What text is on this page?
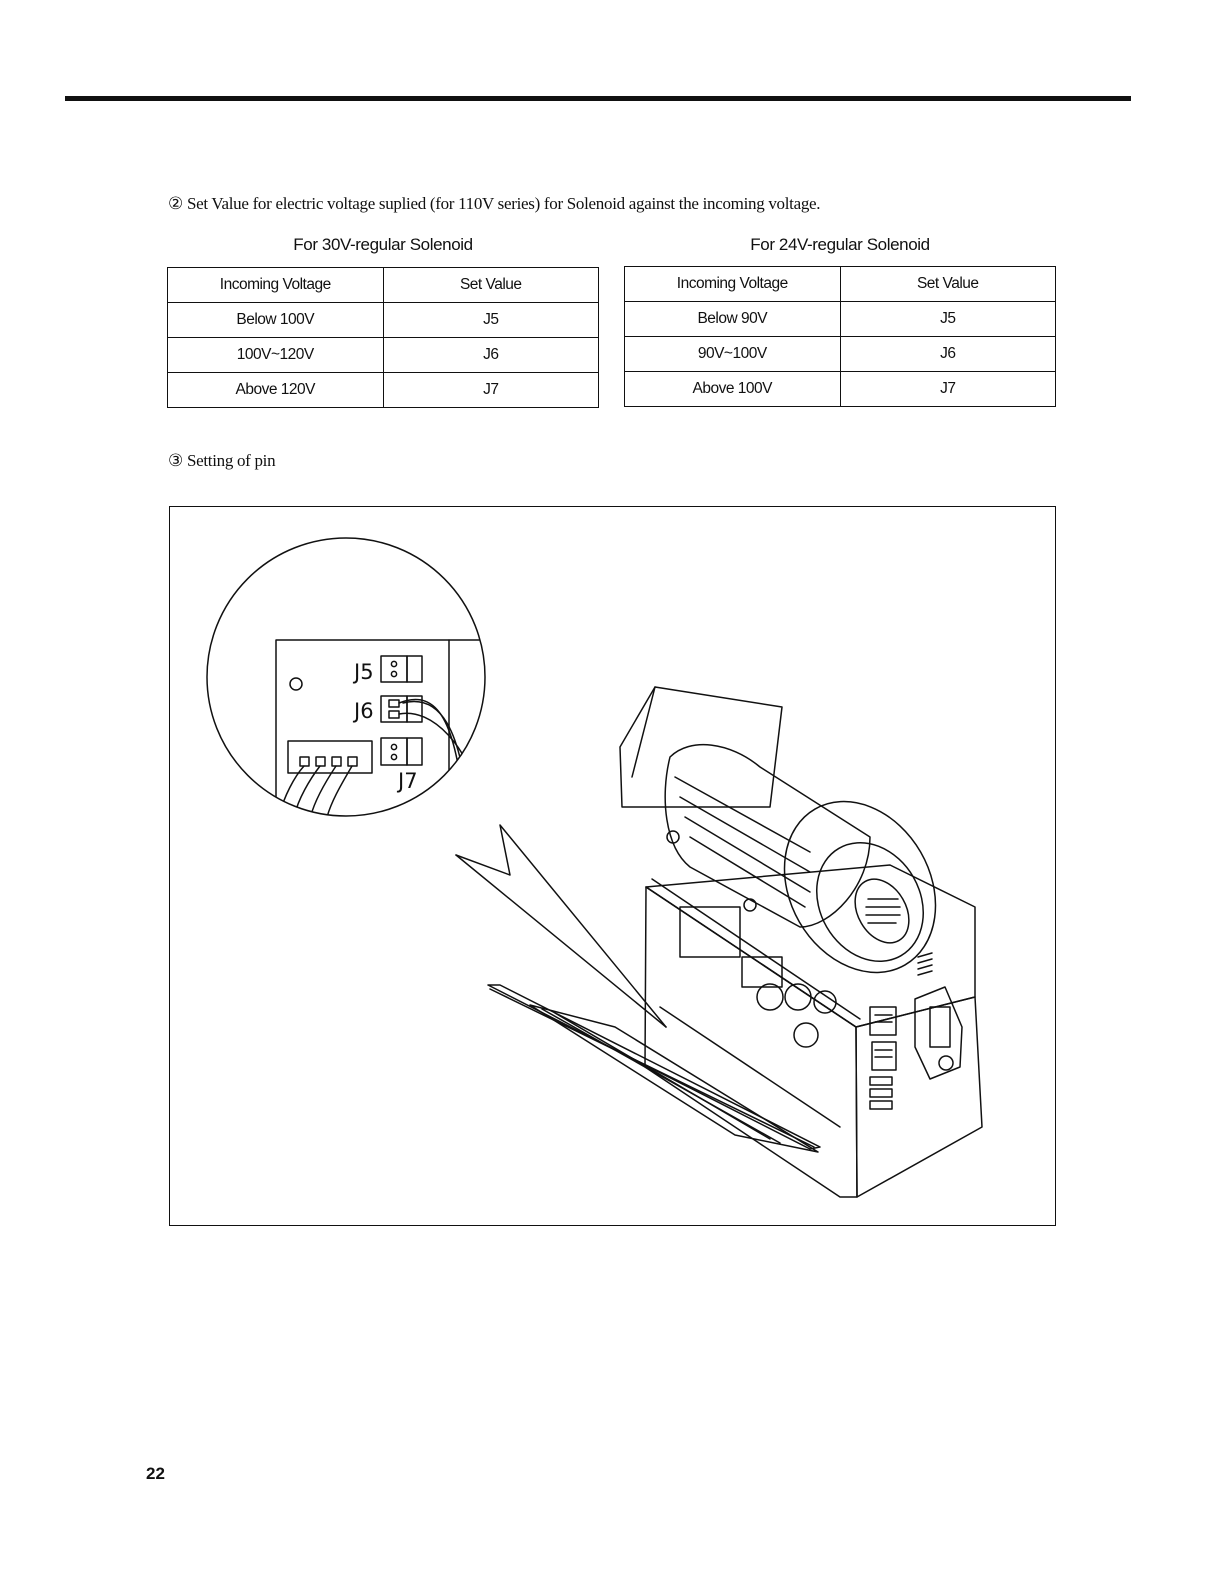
② Set Value for electric voltage suplied (for 110V series) for Solenoid against the incoming voltage.
For 30V-regular Solenoid
Incoming Voltage	Set Value
Below 100V	J5
100V~120V	J6
Above 120V	J7
For 24V-regular Solenoid
Incoming Voltage	Set Value
Below 90V	J5
90V~100V	J6
Above 100V	J7
③ Setting of pin
J5
J6
J7
22
